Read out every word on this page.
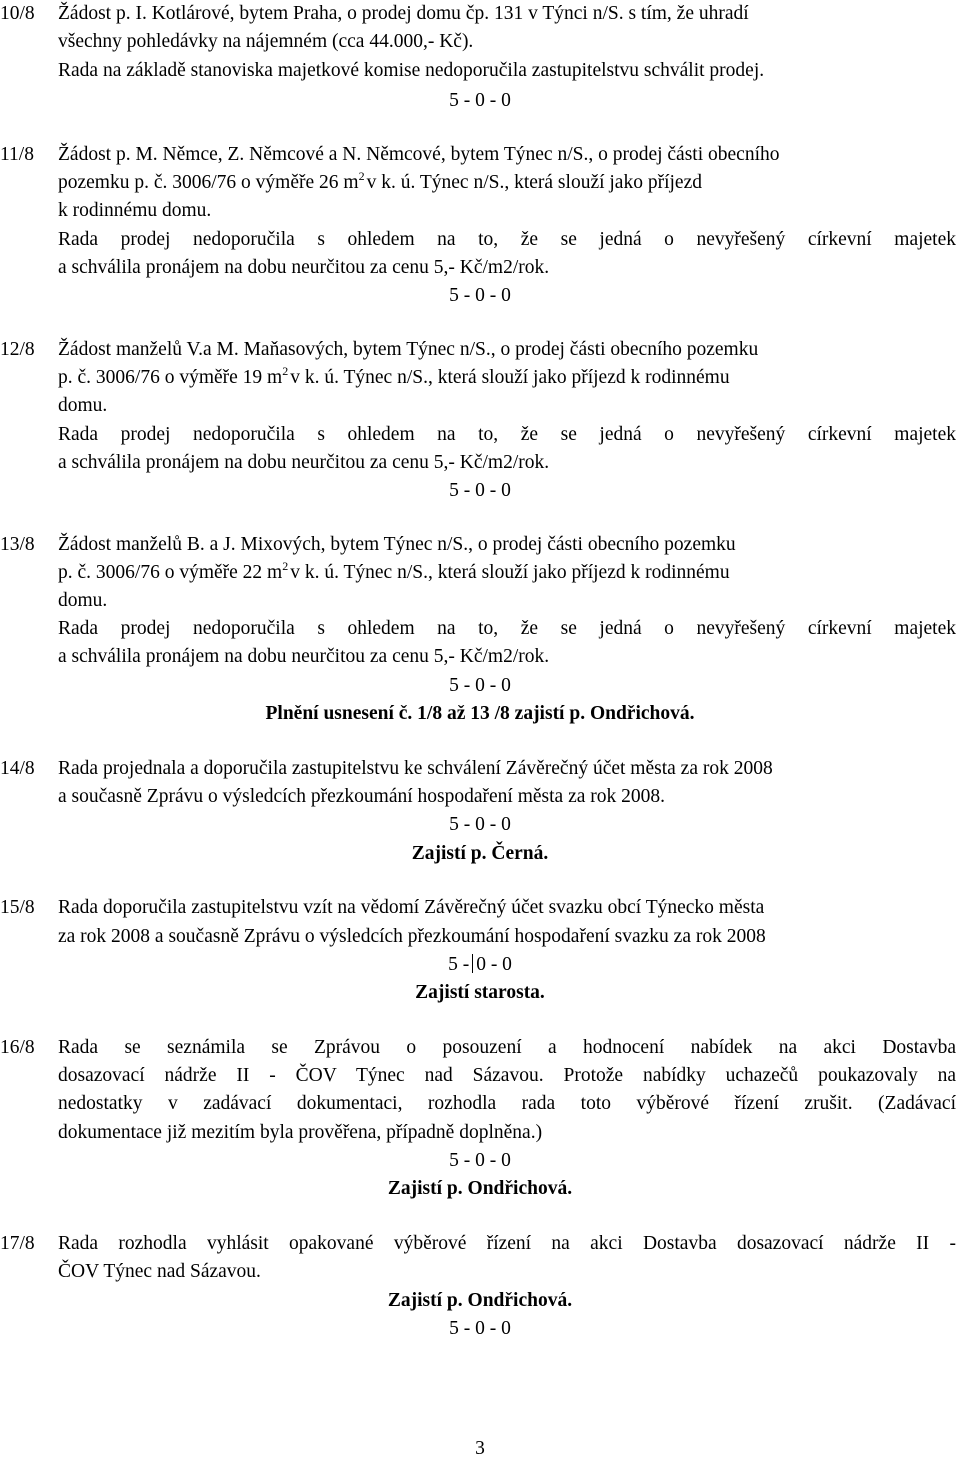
10/8 Žádost p. I. Kotlárové, bytem Praha, o prodej domu čp. 131 v Týnci n/S. s tím, že uhradí
všechny pohledávky na nájemném (cca 44.000,- Kč).
Rada na základě stanoviska majetkové komise nedoporučila zastupitelstvu schválit prodej.
5 - 0 - 0
11/8 Žádost p. M. Němce, Z. Němcové a N. Němcové, bytem Týnec n/S., o prodej části obecního
pozemku p. č. 3006/76 o výměře 26 $m^2$ v k. ú. Týnec n/S., která slouží jako příjezd
k rodinnému domu.
Rada prodej nedoporučila s ohledem na to, že se jedná o nevyřešený církevní majetek
a schválila pronájem na dobu neurčitou za cenu 5,- Kč/m2/rok.
5 - 0 - 0
12/8 Žádost manželů V.a M. Maňasových, bytem Týnec n/S., o prodej části obecního pozemku
p. č. 3006/76 o výměře 19 $m^2$ v k. ú. Týnec n/S., která slouží jako příjezd k rodinnému
domu.
Rada prodej nedoporučila s ohledem na to, že se jedná o nevyřešený církevní majetek
a schválila pronájem na dobu neurčitou za cenu 5,- Kč/m2/rok.
5 - 0 - 0
13/8 Žádost manželů B. a J. Mixových, bytem Týnec n/S., o prodej části obecního pozemku
p. č. 3006/76 o výměře 22 $m^2$ v k. ú. Týnec n/S., která slouží jako příjezd k rodinnému
domu.
Rada prodej nedoporučila s ohledem na to, že se jedná o nevyřešený církevní majetek
a schválila pronájem na dobu neurčitou za cenu 5,- Kč/m2/rok.
5 - 0 - 0
Plnění usnesení č. 1/8 až 13 /8 zajistí p. Ondřichová.
14/8 Rada projednala a doporučila zastupitelstvu ke schválení Závěrečný účet města za rok 2008
a současně Zprávu o výsledcích přezkoumání hospodaření města za rok 2008.
5 - 0 - 0
Zajistí p. Černá.
15/8 Rada doporučila zastupitelstvu vzít na vědomí Závěrečný účet svazku obcí Týnecko města
za rok 2008 a současně Zprávu o výsledcích přezkoumání hospodaření svazku za rok 2008
5 - 0 - 0
Zajistí starosta.
16/8 Rada se seznámila se Zprávou o posouzení a hodnocení nabídek na akci Dostavba
dosazovací nádrže II - ČOV Týnec nad Sázavou. Protože nabídky uchazečů poukazovaly na
nedostatky v zadávací dokumentaci, rozhodla rada toto výběrové řízení zrušit. (Zadávací
dokumentace již mezitím byla prověřena, případně doplněna.)
5 - 0 - 0
Zajistí p. Ondřichová.
17/8 Rada rozhodla vyhlásit opakované výběrové řízení na akci Dostavba dosazovací nádrže II -
ČOV Týnec nad Sázavou.
Zajistí p. Ondřichová.
5 - 0 - 0
3
